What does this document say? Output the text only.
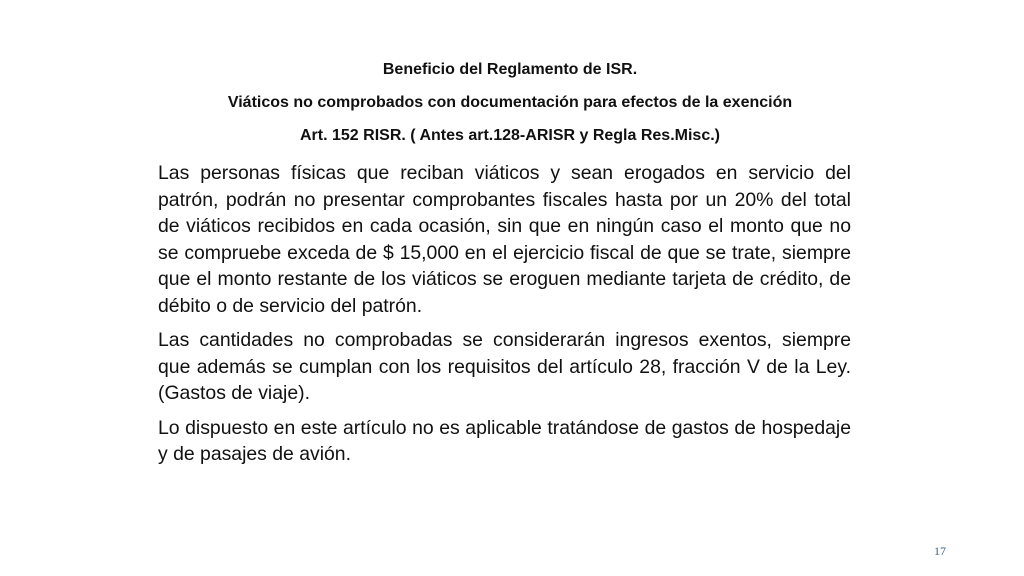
Beneficio del Reglamento de ISR.
Viáticos no comprobados con documentación para efectos de la exención
Art. 152 RISR. ( Antes art.128-ARISR y Regla Res.Misc.)

Las personas físicas que reciban viáticos y sean erogados en servicio del patrón, podrán no presentar comprobantes fiscales hasta por un 20% del total de viáticos recibidos en cada ocasión, sin que en ningún caso el monto que no se compruebe exceda de $ 15,000 en el ejercicio fiscal de que se trate, siempre que el monto restante de los viáticos se eroguen mediante tarjeta de crédito, de débito o de servicio del patrón.

Las cantidades no comprobadas se considerarán ingresos exentos, siempre que además se cumplan con los requisitos del artículo 28, fracción V de la Ley. (Gastos de viaje).

Lo dispuesto en este artículo no es aplicable tratándose de gastos de hospedaje y de pasajes de avión.

17
